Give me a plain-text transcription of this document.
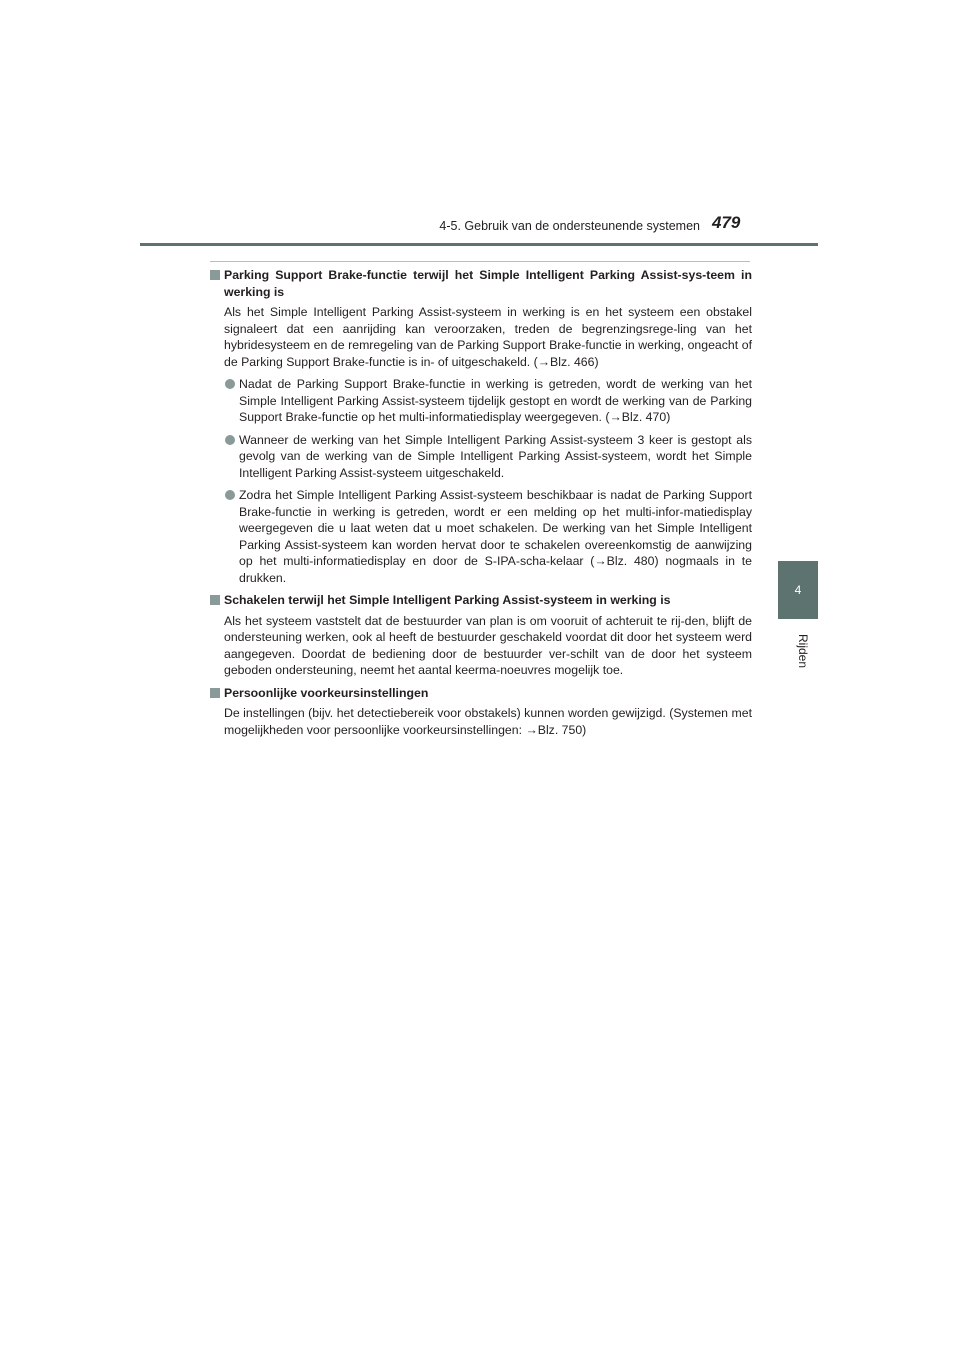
4-5. Gebruik van de ondersteunende systemen 479
4
Rijden
Parking Support Brake-functie terwijl het Simple Intelligent Parking Assist-sys-teem in werking is
Als het Simple Intelligent Parking Assist-systeem in werking is en het systeem een obstakel signaleert dat een aanrijding kan veroorzaken, treden de begrenzingsrege-ling van het hybridesysteem en de remregeling van de Parking Support Brake-functie in werking, ongeacht of de Parking Support Brake-functie is in- of uitgeschakeld. (→Blz. 466)
Nadat de Parking Support Brake-functie in werking is getreden, wordt de werking van het Simple Intelligent Parking Assist-systeem tijdelijk gestopt en wordt de werking van de Parking Support Brake-functie op het multi-informatiedisplay weergegeven. (→Blz. 470)
Wanneer de werking van het Simple Intelligent Parking Assist-systeem 3 keer is gestopt als gevolg van de werking van de Simple Intelligent Parking Assist-systeem, wordt het Simple Intelligent Parking Assist-systeem uitgeschakeld.
Zodra het Simple Intelligent Parking Assist-systeem beschikbaar is nadat de Parking Support Brake-functie in werking is getreden, wordt er een melding op het multi-infor-matiedisplay weergegeven die u laat weten dat u moet schakelen. De werking van het Simple Intelligent Parking Assist-systeem kan worden hervat door te schakelen overeenkomstig de aanwijzing op het multi-informatiedisplay en door de S-IPA-scha-kelaar (→Blz. 480) nogmaals in te drukken.
Schakelen terwijl het Simple Intelligent Parking Assist-systeem in werking is
Als het systeem vaststelt dat de bestuurder van plan is om vooruit of achteruit te rij-den, blijft de ondersteuning werken, ook al heeft de bestuurder geschakeld voordat dit door het systeem werd aangegeven. Doordat de bediening door de bestuurder ver-schilt van de door het systeem geboden ondersteuning, neemt het aantal keerma-noeuvres mogelijk toe.
Persoonlijke voorkeursinstellingen
De instellingen (bijv. het detectiebereik voor obstakels) kunnen worden gewijzigd. (Systemen met mogelijkheden voor persoonlijke voorkeursinstellingen: →Blz. 750)
